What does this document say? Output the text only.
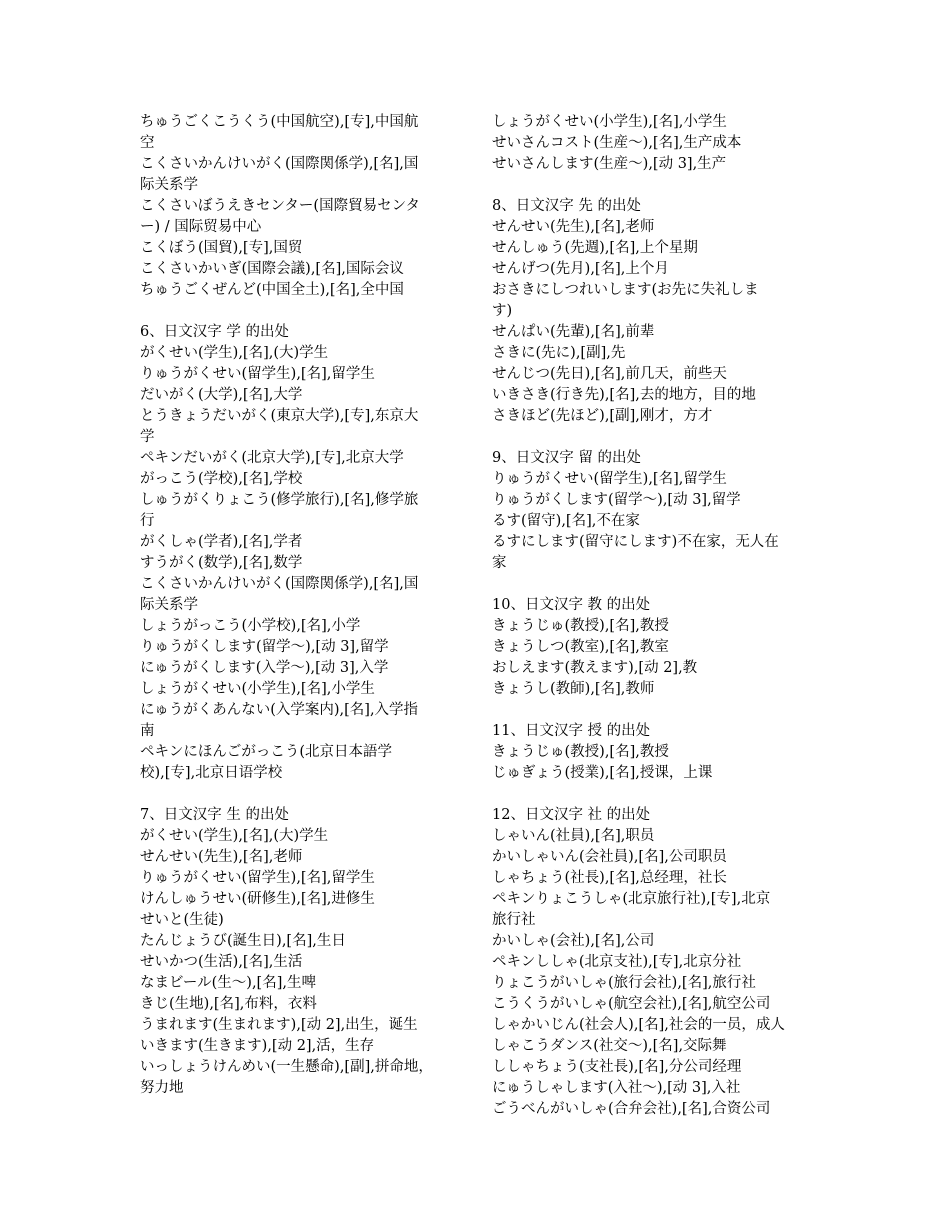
ちゅうごくこうくう(中国航空),[专],中国航
空
こくさいかんけいがく(国際関係学),[名],国
际关系学
こくさいぼうえきセンター(国際貿易センタ
ー) / 国际贸易中心
こくぼう(国貿),[专],国贸
こくさいかいぎ(国際会議),[名],国际会议
ちゅうごくぜんど(中国全土),[名],全中国
6、日文汉字 学 的出处
がくせい(学生),[名],(大)学生
りゅうがくせい(留学生),[名],留学生
だいがく(大学),[名],大学
とうきょうだいがく(東京大学),[专],东京大
学
ペキンだいがく(北京大学),[专],北京大学
がっこう(学校),[名],学校
しゅうがくりょこう(修学旅行),[名],修学旅
行
がくしゃ(学者),[名],学者
すうがく(数学),[名],数学
こくさいかんけいがく(国際関係学),[名],国
际关系学
しょうがっこう(小学校),[名],小学
りゅうがくします(留学～),[动 3],留学
にゅうがくします(入学～),[动 3],入学
しょうがくせい(小学生),[名],小学生
にゅうがくあんない(入学案内),[名],入学指
南
ペキンにほんごがっこう(北京日本語学
校),[专],北京日语学校
7、日文汉字 生 的出处
がくせい(学生),[名],(大)学生
せんせい(先生),[名],老师
りゅうがくせい(留学生),[名],留学生
けんしゅうせい(研修生),[名],进修生
せいと(生徒)
たんじょうび(誕生日),[名],生日
せいかつ(生活),[名],生活
なまビール(生～),[名],生啤
きじ(生地),[名],布料，衣料
うまれます(生まれます),[动 2],出生，诞生
いきます(生きます),[动 2],活，生存
いっしょうけんめい(一生懸命),[副],拼命地，
努力地
しょうがくせい(小学生),[名],小学生
せいさんコスト(生産～),[名],生产成本
せいさんします(生産～),[动 3],生产
8、日文汉字 先 的出处
せんせい(先生),[名],老师
せんしゅう(先週),[名],上个星期
せんげつ(先月),[名],上个月
おさきにしつれいします(お先に失礼しま
す)
せんぱい(先輩),[名],前辈
さきに(先に),[副],先
せんじつ(先日),[名],前几天，前些天
いきさき(行き先),[名],去的地方，目的地
さきほど(先ほど),[副],刚才，方才
9、日文汉字 留 的出处
りゅうがくせい(留学生),[名],留学生
りゅうがくします(留学～),[动 3],留学
るす(留守),[名],不在家
るすにします(留守にします)不在家，无人在
家
10、日文汉字 教 的出处
きょうじゅ(教授),[名],教授
きょうしつ(教室),[名],教室
おしえます(教えます),[动 2],教
きょうし(教師),[名],教师
11、日文汉字 授 的出处
きょうじゅ(教授),[名],教授
じゅぎょう(授業),[名],授课，上课
12、日文汉字 社 的出处
しゃいん(社員),[名],职员
かいしゃいん(会社員),[名],公司职员
しゃちょう(社長),[名],总经理，社长
ペキンりょこうしゃ(北京旅行社),[专],北京
旅行社
かいしゃ(会社),[名],公司
ペキンししゃ(北京支社),[专],北京分社
りょこうがいしゃ(旅行会社),[名],旅行社
こうくうがいしゃ(航空会社),[名],航空公司
しゃかいじん(社会人),[名],社会的一员，成人
しゃこうダンス(社交～),[名],交际舞
ししゃちょう(支社長),[名],分公司经理
にゅうしゃします(入社～),[动 3],入社
ごうべんがいしゃ(合弁会社),[名],合资公司
